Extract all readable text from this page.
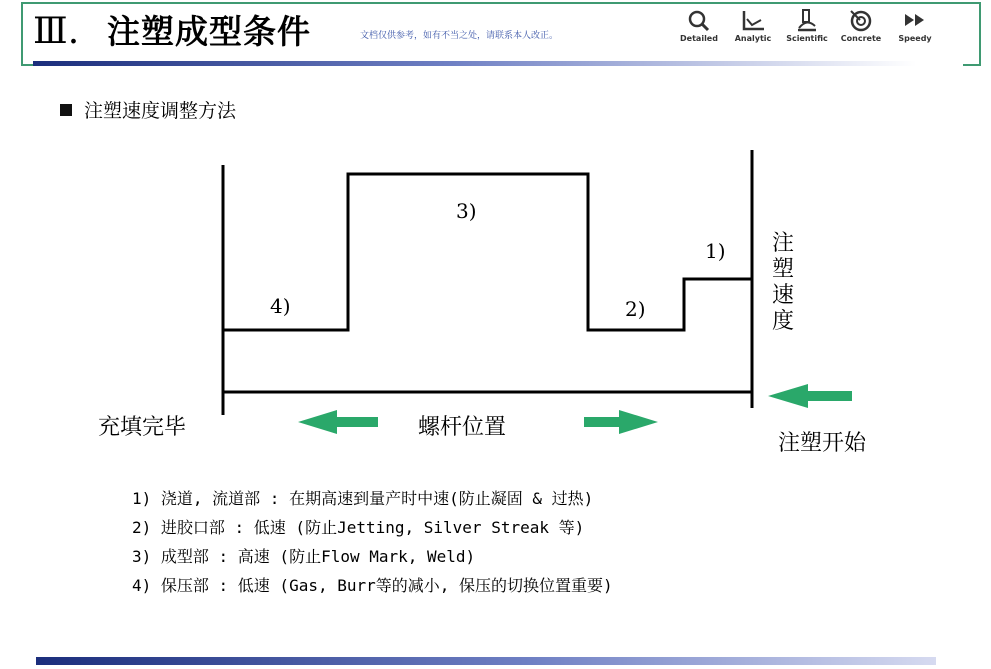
Ⅲ. 注塑成型条件	文档仅供参考，如有不当之处，请联系本人改正。	Detailed	Analytic	Scientific	Concrete	Speedy
注塑速度调整方法
3)
1)
2)
4)
注
塑
速
度
充填完毕	螺杆位置
注塑开始
1) 浇道, 流道部 : 在期高速到量产时中速(防止凝固 & 过热)
2) 进胶口部 : 低速 (防止Jetting, Silver Streak 等)
3) 成型部 : 高速 (防止Flow Mark, Weld)
4) 保压部 : 低速 (Gas, Burr等的减小, 保压的切换位置重要)
